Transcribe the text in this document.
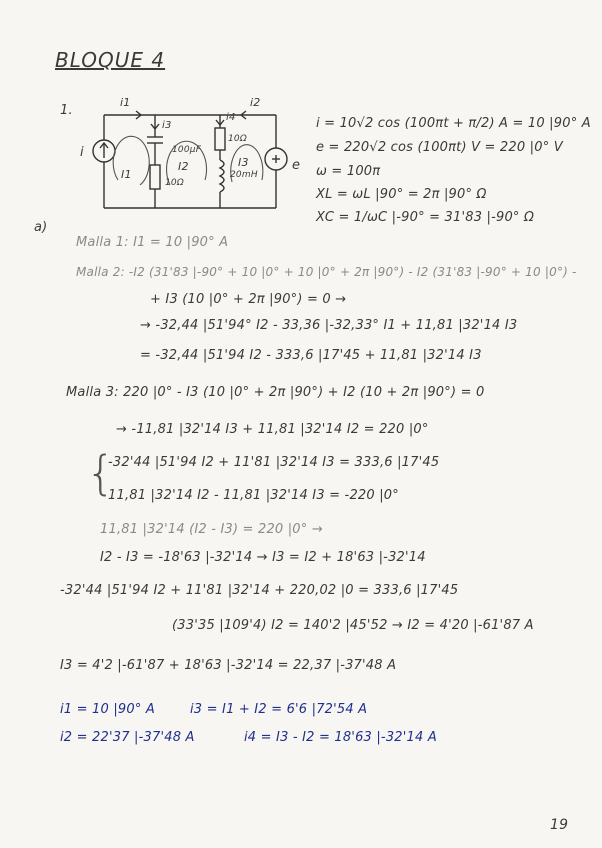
BLOQUE 4
1.
i1	i2
i3
i4
i
e
I1
I2	I3
100μF
10Ω
10Ω
20mH
i = 10√2 cos (100πt + π/2) A = 10 |90° A
e = 220√2 cos (100πt) V = 220 |0° V
ω = 100π
XL = ωL |90° = 2π |90° Ω
XC = 1/ωC |-90° = 31'83 |-90° Ω
a)
Malla 1: I1 = 10 |90° A
Malla 2: -I2 (31'83 |-90° + 10 |0° + 10 |0° + 2π |90°) - I2 (31'83 |-90° + 10 |0°) -
+ I3 (10 |0° + 2π |90°) = 0 →
→ -32,44 |51'94° I2 - 33,36 |-32,33° I1 + 11,81 |32'14 I3
= -32,44 |51'94 I2 - 333,6 |17'45 + 11,81 |32'14 I3
Malla 3: 220 |0° - I3 (10 |0° + 2π |90°) + I2 (10 + 2π |90°) = 0
→ -11,81 |32'14 I3 + 11,81 |32'14 I2 = 220 |0°
{
-32'44 |51'94 I2 + 11'81 |32'14 I3 = 333,6 |17'45
11,81 |32'14 I2 - 11,81 |32'14 I3 = -220 |0°
11,81 |32'14 (I2 - I3) = 220 |0° →
I2 - I3 = -18'63 |-32'14 → I3 = I2 + 18'63 |-32'14
-32'44 |51'94 I2 + 11'81 |32'14 + 220,02 |0 = 333,6 |17'45
(33'35 |109'4) I2 = 140'2 |45'52 → I2 = 4'20 |-61'87 A
I3 = 4'2 |-61'87 + 18'63 |-32'14 = 22,37 |-37'48 A
i1 = 10 |90° A	i3 = I1 + I2 = 6'6 |72'54 A
i2 = 22'37 |-37'48 A	i4 = I3 - I2 = 18'63 |-32'14 A
19
